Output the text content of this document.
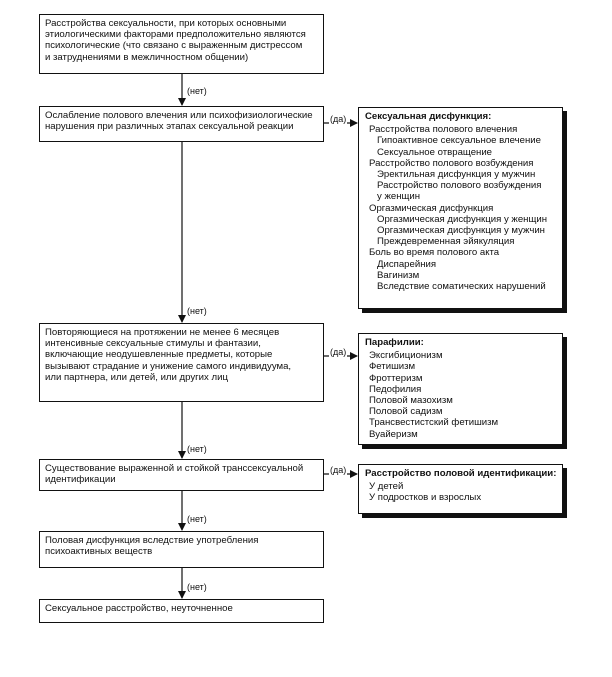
Расстройства сексуальности, при которых основными
этиологическими факторами предположительно являются
психологические (что связано с выраженным дистрессом
и затруднениями в межличностном общении)
Ослабление полового влечения или психофизиологические
нарушения при различных этапах сексуальной реакции
Повторяющиеся на протяжении не менее 6 месяцев
интенсивные сексуальные стимулы и фантазии,
включающие неодушевленные предметы, которые
вызывают страдание и унижение самого индивидуума,
или партнера, или детей, или других лиц
Существование выраженной и стойкой транссексуальной
идентификации
Половая дисфункция вследствие употребления
психоактивных веществ
Сексуальное расстройство, неуточненное
(нет)
(нет)
(нет)
(нет)
(нет)
(да)
(да)
(да)
Сексуальная дисфункция:
Расстройства полового влечения
Гипоактивное сексуальное влечение
Сексуальное отвращение
Расстройство полового возбуждения
Эректильная дисфункция у мужчин
Расстройство полового возбуждения
у женщин
Оргазмическая дисфункция
Оргазмическая дисфункция у женщин
Оргазмическая дисфункция у мужчин
Преждевременная эйякуляция
Боль во время полового акта
Диспарейния
Вагинизм
Вследствие соматических нарушений
Парафилии:
Эксгибиционизм
Фетишизм
Фроттеризм
Педофилия
Половой мазохизм
Половой садизм
Трансвестистский фетишизм
Вуайеризм
Расстройство половой идентификации:
У детей
У подростков и взрослых
